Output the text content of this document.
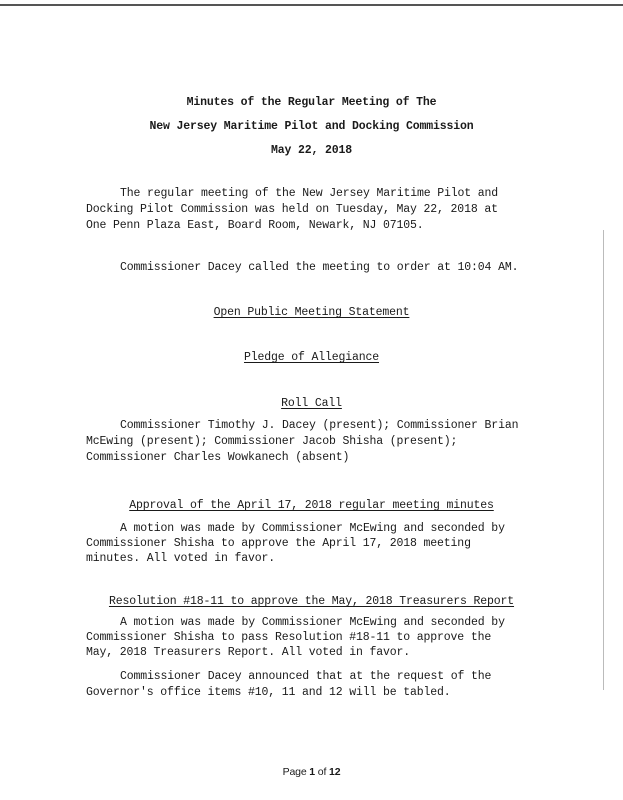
Minutes of the Regular Meeting of The
New Jersey Maritime Pilot and Docking Commission
May 22, 2018
The regular meeting of the New Jersey Maritime Pilot and
Docking Pilot Commission was held on Tuesday, May 22, 2018 at
One Penn Plaza East, Board Room, Newark, NJ 07105.
Commissioner Dacey called the meeting to order at 10:04 AM.
Open Public Meeting Statement
Pledge of Allegiance
Roll Call
Commissioner Timothy J. Dacey (present); Commissioner Brian
McEwing (present); Commissioner Jacob Shisha (present);
Commissioner Charles Wowkanech (absent)
Approval of the April 17, 2018 regular meeting minutes
A motion was made by Commissioner McEwing and seconded by
Commissioner Shisha to approve the April 17, 2018 meeting
minutes. All voted in favor.
Resolution #18-11 to approve the May, 2018 Treasurers Report
A motion was made by Commissioner McEwing and seconded by
Commissioner Shisha to pass Resolution #18-11 to approve the
May, 2018 Treasurers Report. All voted in favor.
Commissioner Dacey announced that at the request of the
Governor's office items #10, 11 and 12 will be tabled.
Page 1 of 12
